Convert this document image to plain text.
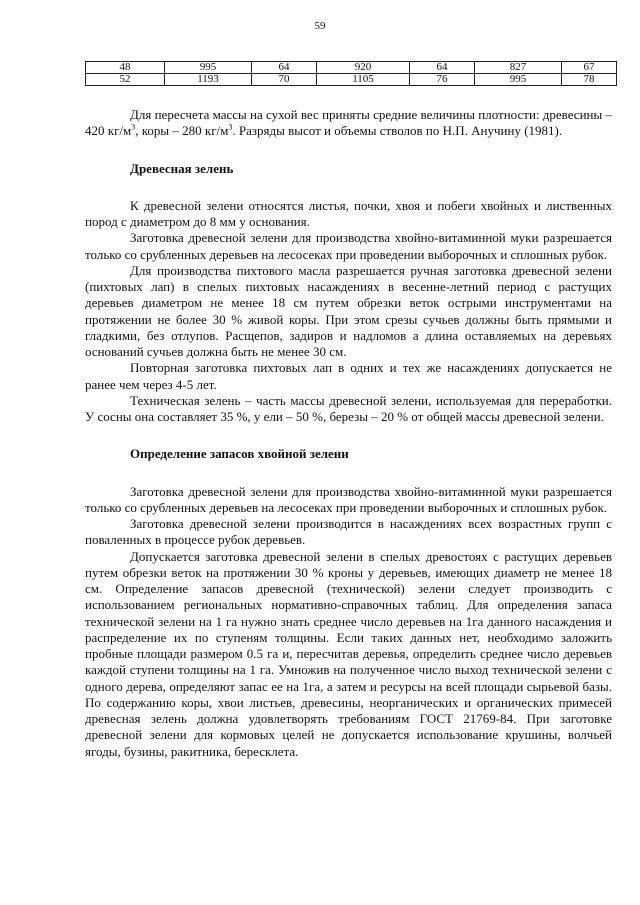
59
48	995	64	920	64	827	67
52	1193	70	1105	76	995	78

Для пересчета массы на сухой вес приняты средние величины плотности: древесины – 420 $кг/м^3$, коры – 280 $кг/м^3$. Разряды высот и объемы стволов по Н.П. Анучину (1981).

Древесная зелень

К древесной зелени относятся листья, почки, хвоя и побеги хвойных и лиственных пород с диаметром до 8 мм у основания.

Заготовка древесной зелени для производства хвойно-витаминной муки разрешается только со срубленных деревьев на лесосеках при проведении выборочных и сплошных рубок.

Для производства пихтового масла разрешается ручная заготовка древесной зелени (пихтовых лап) в спелых пихтовых насаждениях в весенне-летний период с растущих деревьев диаметром не менее 18 см путем обрезки веток острыми инструментами на протяжении не более 30 % живой коры. При этом срезы сучьев должны быть прямыми и гладкими, без отлупов. Расщепов, задиров и надломов а длина оставляемых на деревьях оснований сучьев должна быть не менее 30 см.

Повторная заготовка пихтовых лап в одних и тех же насаждениях допускается не ранее чем через 4-5 лет.

Техническая зелень – часть массы древесной зелени, используемая для переработки. У сосны она составляет 35 %, у ели – 50 %, березы – 20 % от общей массы древесной зелени.

Определение запасов хвойной зелени

Заготовка древесной зелени для производства хвойно-витаминной муки разрешается только со срубленных деревьев на лесосеках при проведении выборочных и сплошных рубок.

Заготовка древесной зелени производится в насаждениях всех возрастных групп с поваленных в процессе рубок деревьев.

Допускается заготовка древесной зелени в спелых древостоях с растущих деревьев путем обрезки веток на протяжении 30 % кроны у деревьев, имеющих диаметр не менее 18 см. Определение запасов древесной (технической) зелени следует производить с использованием региональных нормативно-справочных таблиц. Для определения запаса технической зелени на 1 га нужно знать среднее число деревьев на 1га данного насаждения и распределение их по ступеням толщины. Если таких данных нет, необходимо заложить пробные площади размером 0.5 га и, пересчитав деревья, определить среднее число деревьев каждой ступени толщины на 1 га. Умножив на полученное число выход технической зелени с одного дерева, определяют запас ее на 1га, а затем и ресурсы на всей площади сырьевой базы. По содержанию коры, хвои листьев, древесины, неорганических и органических примесей древесная зелень должна удовлетворять требованиям ГОСТ 21769-84. При заготовке древесной зелени для кормовых целей не допускается использование крушины, волчьей ягоды, бузины, ракитника, бересклета.
